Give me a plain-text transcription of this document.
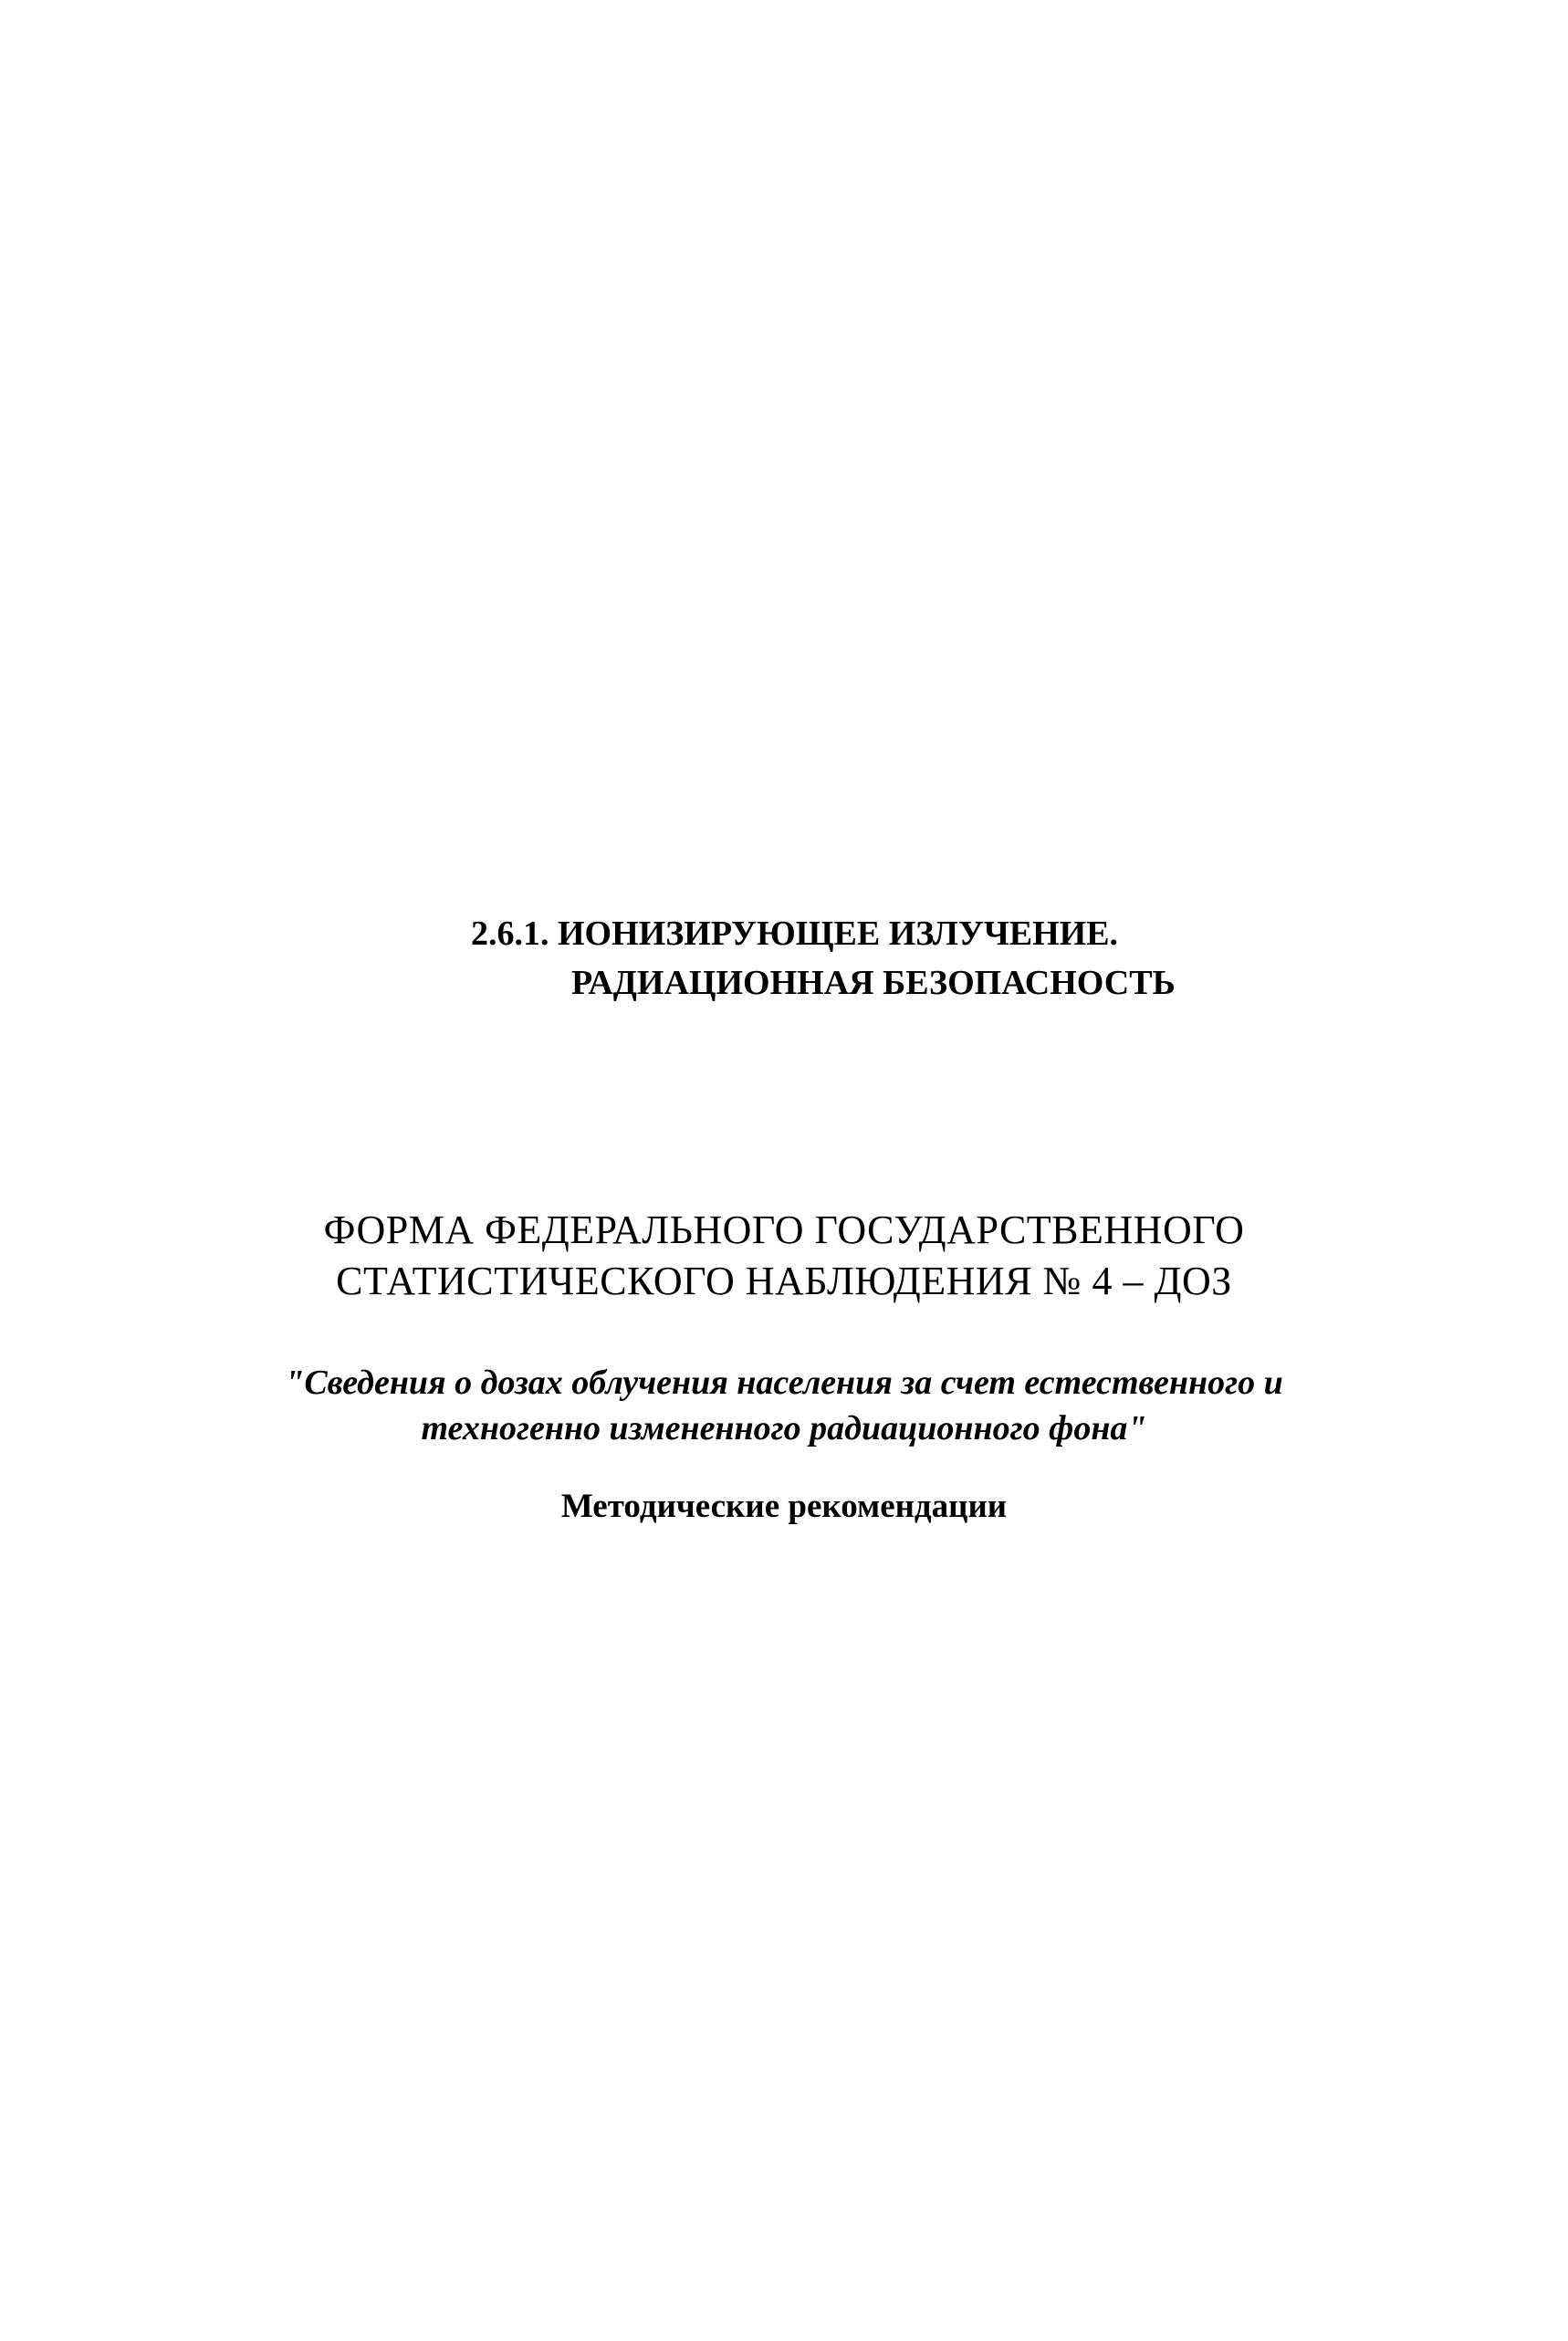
2.6.1. ИОНИЗИРУЮЩЕЕ ИЗЛУЧЕНИЕ.
РАДИАЦИОННАЯ БЕЗОПАСНОСТЬ
ФОРМА ФЕДЕРАЛЬНОГО ГОСУДАРСТВЕННОГО
СТАТИСТИЧЕСКОГО НАБЛЮДЕНИЯ № 4 – ДОЗ
"Сведения о дозах облучения населения за счет естественного и
техногенно измененного радиационного фона"
Методические рекомендации
